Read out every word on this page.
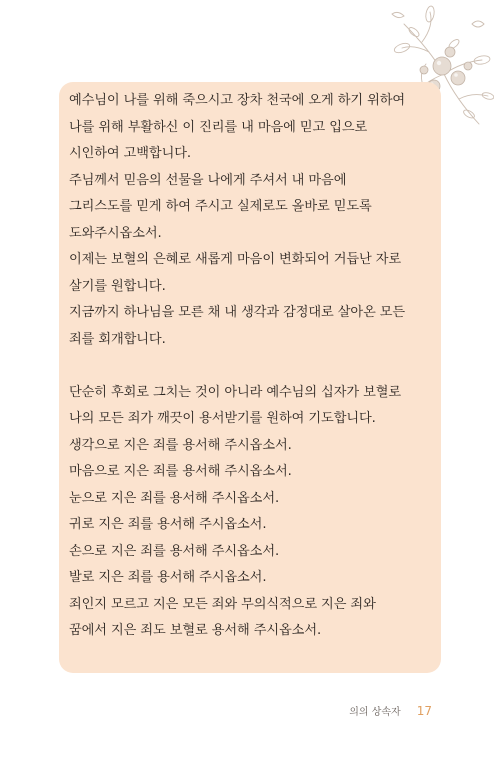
예수님이 나를 위해 죽으시고 장차 천국에 오게 하기 위하여
나를 위해 부활하신 이 진리를 내 마음에 믿고 입으로
시인하여 고백합니다.
주님께서 믿음의 선물을 나에게 주셔서 내 마음에
그리스도를 믿게 하여 주시고 실제로도 올바로 믿도록
도와주시옵소서.
이제는 보혈의 은혜로 새롭게 마음이 변화되어 거듭난 자로
살기를 원합니다.
지금까지 하나님을 모른 채 내 생각과 감정대로 살아온 모든
죄를 회개합니다.
단순히 후회로 그치는 것이 아니라 예수님의 십자가 보혈로
나의 모든 죄가 깨끗이 용서받기를 원하여 기도합니다.
생각으로 지은 죄를 용서해 주시옵소서.
마음으로 지은 죄를 용서해 주시옵소서.
눈으로 지은 죄를 용서해 주시옵소서.
귀로 지은 죄를 용서해 주시옵소서.
손으로 지은 죄를 용서해 주시옵소서.
발로 지은 죄를 용서해 주시옵소서.
죄인지 모르고 지은 모든 죄와 무의식적으로 지은 죄와
꿈에서 지은 죄도 보혈로 용서해 주시옵소서.
의의 상속자 17
